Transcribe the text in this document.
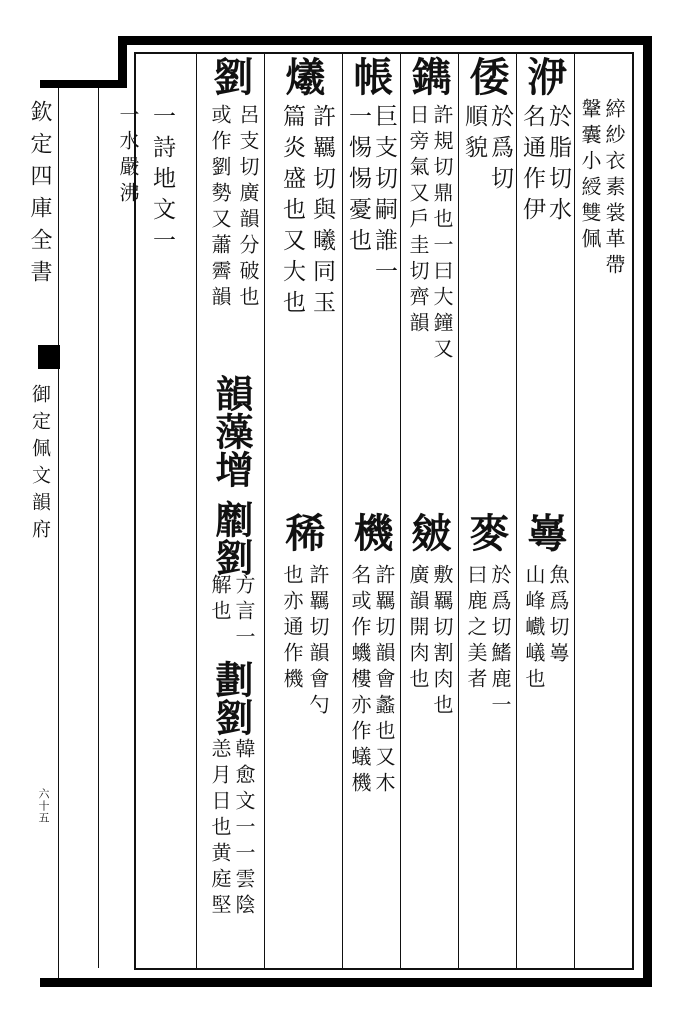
欽定四庫全書
御定佩文韻府
六十五
綷紗衣素裳革帶
鞶囊小綬雙佩
洢
於脂切水
名通作伊
㠋
魚爲切㠋
山峰巇嶬也
倭
於爲切
順貌
麥
於爲切鰭鹿一
曰鹿之美者
鐫
許規切鼎也一曰大鐘又
日旁氣又戶圭切齊韻
皴
敷羈切割肉也
廣韻開肉也
帳
巨支切嗣誰一
一惕惕憂也
機
許羈切韻會蠡也又木
名或作蟣樓亦作蟻機
爔
許羈切與曦同玉
篇炎盛也又大也
稀
許羈切韻會勺
也亦通作機
劉
呂支切廣韻分破也
或作劉勢又蕭霽韻
韻藻增
劘劉
方言一
解也
劃劉
韓愈文一一雲陰
恙月日也黄庭堅
一詩地文一
一水嚴沸
